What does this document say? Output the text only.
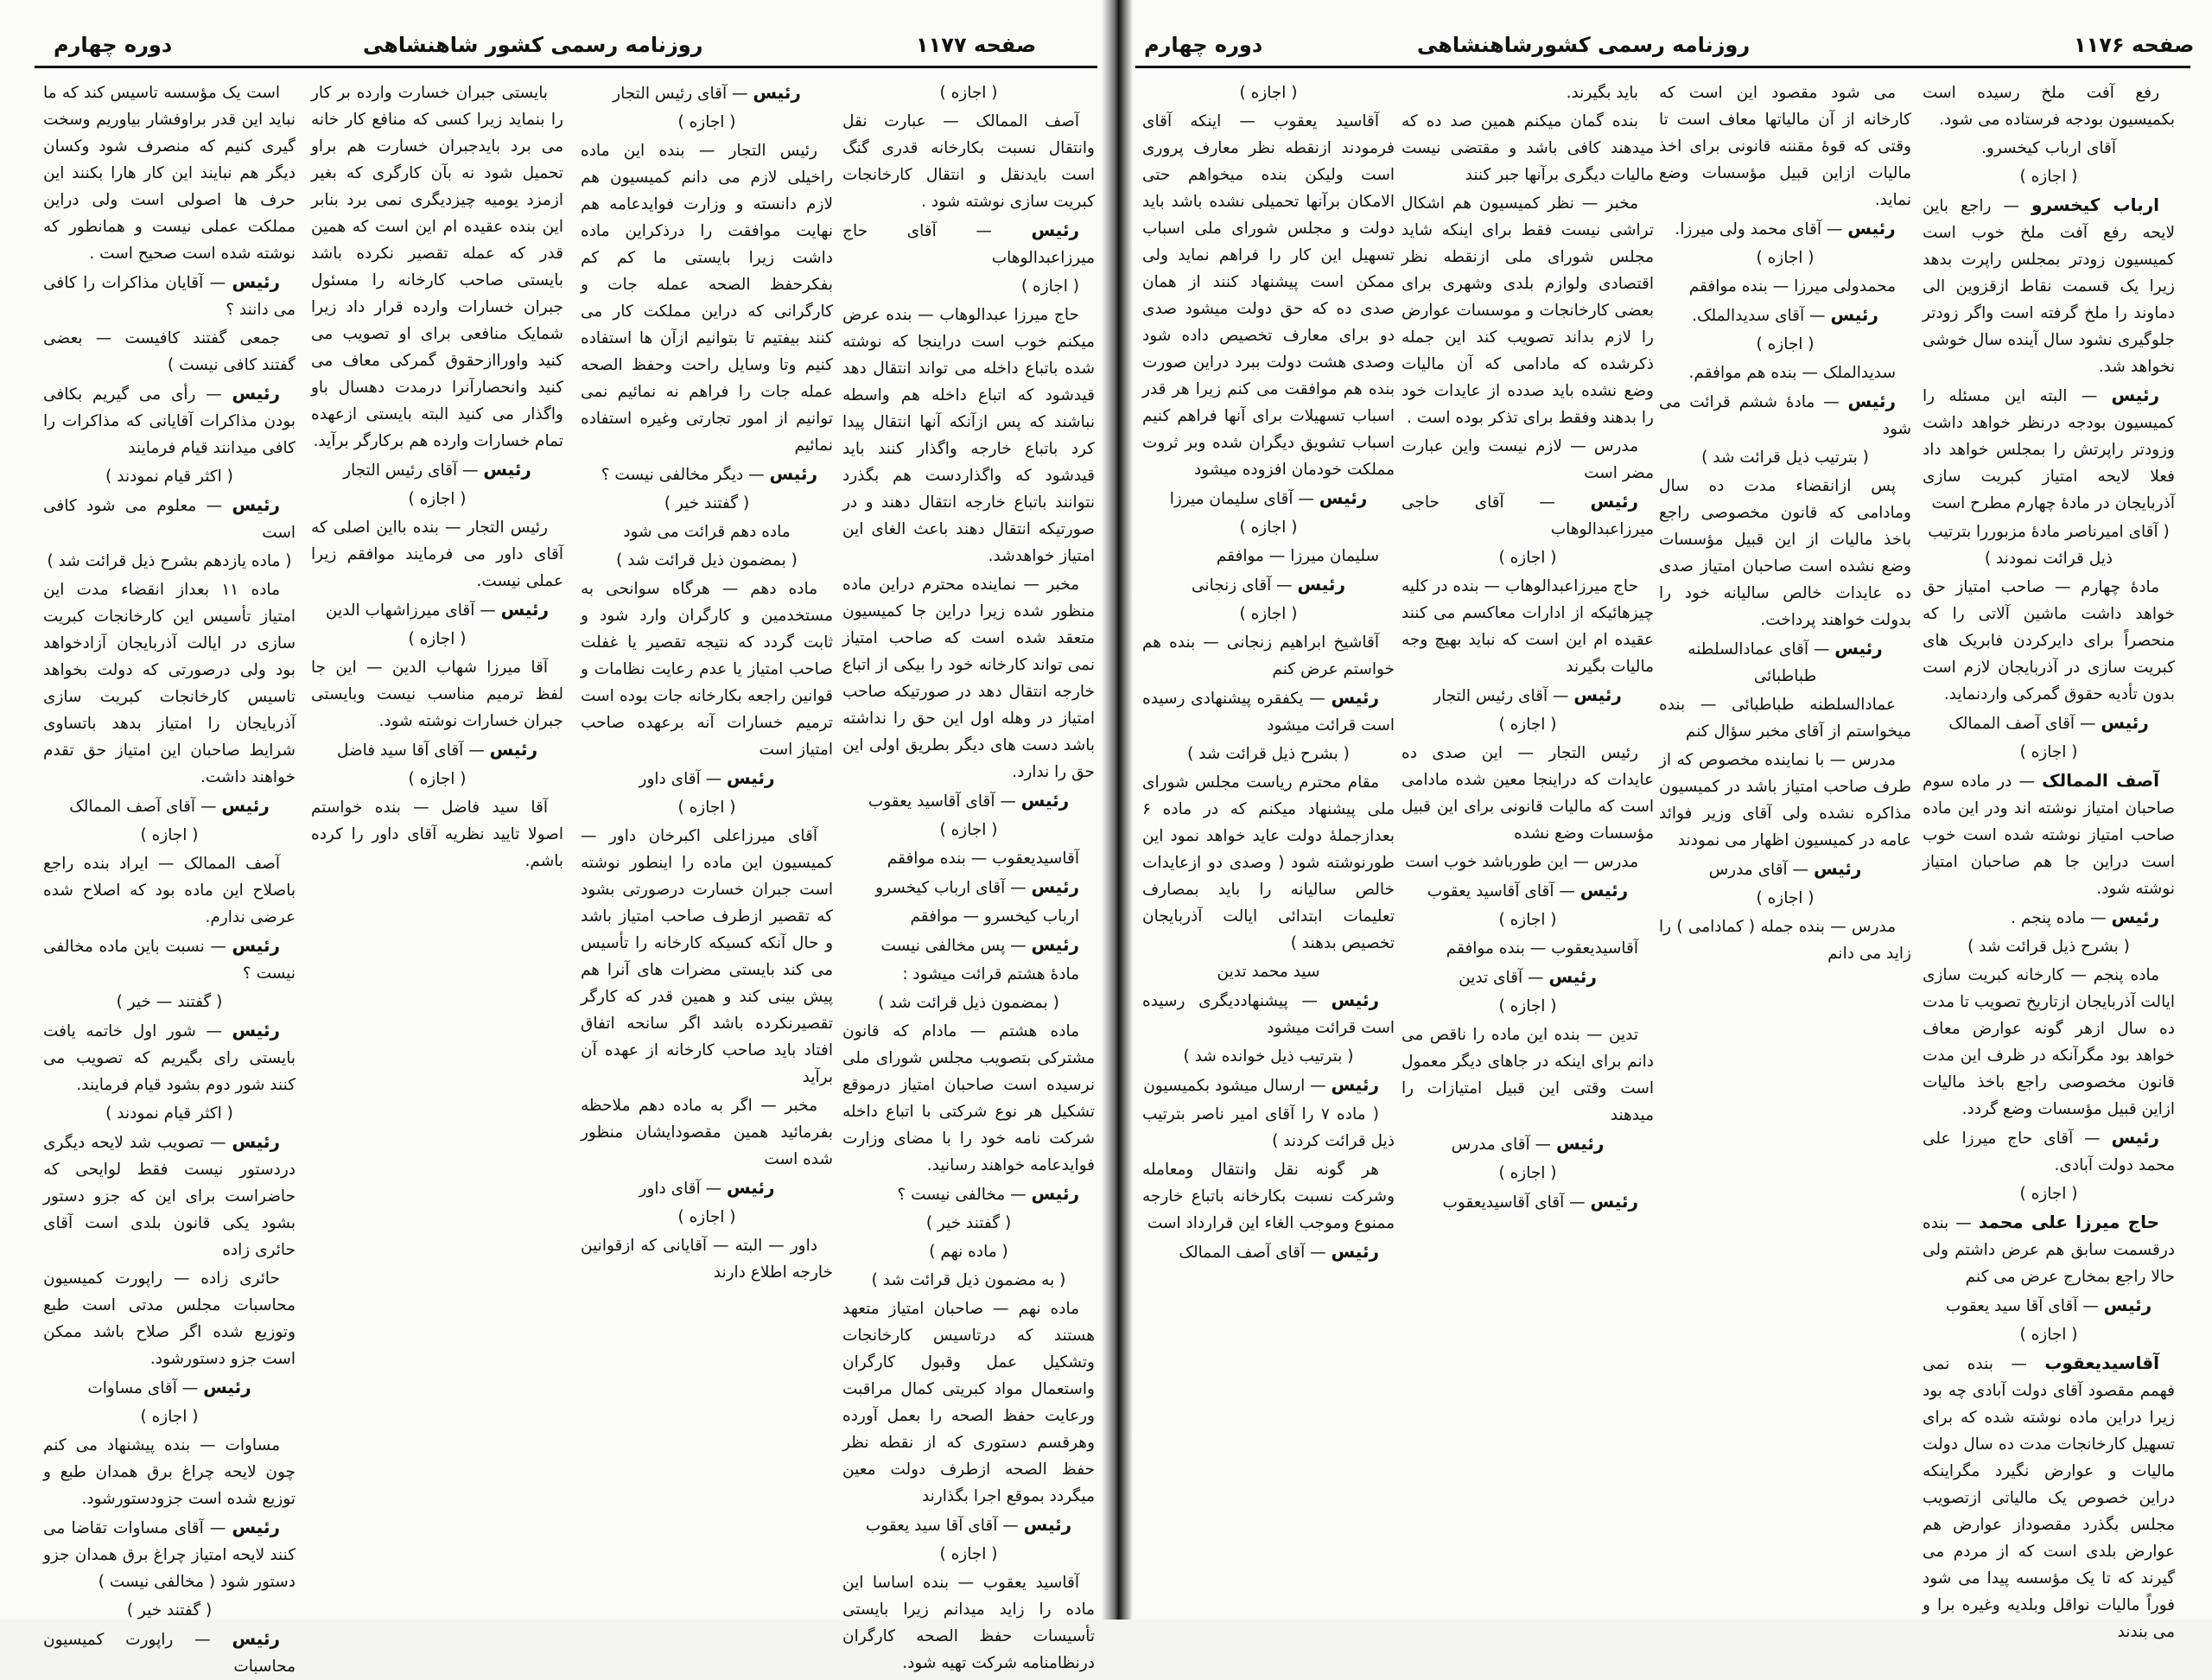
دوره چهارم	روزنامه رسمی کشور شاهنشاهی	صفحه ۱۱۷۷

است یک مؤسسه تاسیس کند که ما نباید این قدر براوفشار بیاوریم وسخت گیری کنیم که منصرف شود وکسان دیگر هم نبایند این کار هارا بکنند این حرف ها اصولی است ولی دراین مملکت عملی نیست و همانطور که نوشته شده است صحیح است .

رئیس — آقایان مذاکرات را کافی می دانند ؟

جمعی گفتند کافیست — بعضی گفتند کافی نیست )

رئیس — رأی می گیریم بکافی بودن مذاکرات آقایانی که مذاکرات را کافی میدانند قیام فرمایند

( اکثر قیام نمودند )

رئیس — معلوم می شود کافی است

( ماده یازدهم بشرح ذیل قرائت شد )

ماده ۱۱ بعداز انقضاء مدت این امتیاز تأسیس این کارخانجات کبریت سازی در ایالت آذربایجان آزادخواهد بود ولی درصورتی که دولت بخواهد تاسیس کارخانجات کبریت سازی آذربایجان را امتیاز بدهد باتساوی شرایط صاحبان این امتیاز حق تقدم خواهند داشت.

رئیس — آقای آصف الممالک

( اجازه )

آصف الممالک — ایراد بنده راجع باصلاح این ماده بود که اصلاح شده عرضی ندارم.

رئیس — نسبت باین ماده مخالفی نیست ؟

( گفتند — خیر )

رئیس — شور اول خاتمه یافت بایستی رای بگیریم که تصویب می کنند شور دوم بشود قیام فرمایند.

( اکثر قیام نمودند )

رئیس — تصویب شد لایحه دیگری دردستور نیست فقط لوایحی که حاضراست برای این که جزو دستور بشود یکی قانون بلدی است آقای حائری زاده

حائری زاده — راپورت کمیسیون محاسبات مجلس مدتی است طبع وتوزیع شده اگر صلاح باشد ممکن است جزو دستورشود.

رئیس — آقای مساوات

( اجازه )

مساوات — بنده پیشنهاد می کنم چون لایحه چراغ برق همدان طبع و توزیع شده است جزودستورشود.

رئیس — آقای مساوات تقاضا می کنند لایحه امتیاز چراغ برق همدان جزو دستور شود ( مخالفی نیست )

( گفتند خیر )

رئیس — راپورت کمیسیون محاسبات

بایستی جبران خسارت وارده بر کار را بنماید زیرا کسی که منافع کار خانه می برد بایدجبران خسارت هم براو تحمیل شود نه بآن کارگری که بغیر ازمزد یومیه چیزدیگری نمی برد بنابر این بنده عقیده ام این است که همین قدر که عمله تقصیر نکرده باشد بایستی صاحب کارخانه را مسئول جبران خسارات وارده قرار داد زیرا شمایک منافعی برای او تصویب می کنید واوراازحقوق گمرکی معاف می کنید وانحصارآنرا درمدت دهسال باو واگذار می کنید البته بایستی ازعهده تمام خسارات وارده هم برکارگر برآید.

رئیس — آقای رئیس التجار

( اجازه )

رئیس التجار — بنده بااین اصلی که آقای داور می فرمایند موافقم زیرا عملی نیست.

رئیس — آقای میرزاشهاب الدین

( اجازه )

آقا میرزا شهاب الدین — این جا لفظ ترمیم مناسب نیست وبایستی جبران خسارات نوشته شود.

رئیس — آقای آقا سید فاضل

( اجازه )

آقا سید فاضل — بنده خواستم اصولا تایید نظریه آقای داور را کرده باشم.

رئیس — آقای رئیس التجار

( اجازه )

رئیس التجار — بنده این ماده راخیلی لازم می دانم کمیسیون هم لازم دانسته و وزارت فوایدعامه هم نهایت موافقت را درذکراین ماده داشت زیرا بایستی ما کم کم بفکرحفظ الصحه عمله جات و کارگرانی که دراین مملکت کار می کنند بیفتیم تا بتوانیم ازآن ها استفاده کنیم وتا وسایل راحت وحفظ الصحه عمله جات را فراهم نه نمائیم نمی توانیم از امور تجارتی وغیره استفاده نمائیم

رئیس — دیگر مخالفی نیست ؟

( گفتند خیر )

ماده دهم قرائت می شود

( بمضمون ذیل قرائت شد )

ماده دهم — هرگاه سوانحی به مستخدمین و کارگران وارد شود و ثابت گردد که نتیجه تقصیر یا غفلت صاحب امتیاز یا عدم رعایت نظامات و قوانین راجعه بکارخانه جات بوده است ترمیم خسارات آنه برعهده صاحب امتیاز است

رئیس — آقای داور

( اجازه )

آقای میرزاعلی اکبرخان داور — کمیسیون این ماده را اینطور نوشته است جبران خسارت درصورتی بشود که تقصیر ازطرف صاحب امتیاز باشد و حال آنکه کسیکه کارخانه را تأسیس می کند بایستی مضرات های آنرا هم پیش بینی کند و همین قدر که کارگر تقصیرنکرده باشد اگر سانحه اتفاق افتاد باید صاحب کارخانه از عهده آن برآید

مخبر — اگر به ماده دهم ملاحظه بفرمائید همین مقصودایشان منظور شده است

رئیس — آقای داور

( اجازه )

داور — البته — آقایانی که ازقوانین خارجه اطلاع دارند

( اجازه )

آصف الممالک — عبارت نقل وانتقال نسبت بکارخانه قدری گنگ است بایدنقل و انتقال کارخانجات کبریت سازی نوشته شود .

رئیس — آقای حاج میرزاعبدالوهاب

( اجازه )

حاج میرزا عبدالوهاب — بنده عرض میکنم خوب است دراینجا که نوشته شده باتباع داخله می تواند انتقال دهد قیدشود که اتباع داخله هم واسطه نباشند که پس ازآنکه آنها انتقال پیدا کرد باتباع خارجه واگذار کنند باید قیدشود که واگذاردست هم بگذرد نتوانند باتباع خارجه انتقال دهند و در صورتیکه انتقال دهند باعث الغای این امتیاز خواهدشد.

مخبر — نماینده محترم دراین ماده منظور شده زیرا دراین جا کمیسیون متعقد شده است که صاحب امتیاز نمی تواند کارخانه خود را بیکی از اتباع خارجه انتقال دهد در صورتیکه صاحب امتیاز در وهله اول این حق را نداشته باشد دست های دیگر بطریق اولی این حق را ندارد.

رئیس — آقای آقاسید یعقوب

( اجازه )

آقاسیدیعقوب — بنده موافقم

رئیس — آقای ارباب کیخسرو

ارباب کیخسرو — موافقم

رئیس — پس مخالفی نیست

مادهٔ هشتم قرائت میشود :

( بمضمون ذیل قرائت شد )

ماده هشتم — مادام که قانون مشترکی بتصویب مجلس شورای ملی نرسیده است صاحبان امتیاز درموقع تشکیل هر نوع شرکتی با اتباع داخله شرکت نامه خود را با مضای وزارت فوایدعامه خواهند رسانید.

رئیس — مخالفی نیست ؟

( گفتند خیر )

( ماده نهم )

( به مضمون ذیل قرائت شد )

ماده نهم — صاحبان امتیاز متعهد هستند که درتاسیس کارخانجات وتشکیل عمل وقبول کارگران واستعمال مواد کبریتی کمال مراقبت ورعایت حفظ الصحه را بعمل آورده وهرقسم دستوری که از نقطه نظر حفظ الصحه ازطرف دولت معین میگردد بموقع اجرا بگذارند

رئیس — آقای آقا سید یعقوب

( اجازه )

آقاسید یعقوب — بنده اساسا این ماده را زاید میدانم زیرا بایستی تأسیسات حفظ الصحه کارگران درنظامنامه شرکت تهیه شود.

دوره چهارم	روزنامه رسمی کشورشاهنشاهی	صفحه ۱۱۷۶

( اجازه )

آقاسید یعقوب — اینکه آقای فرمودند ازنقطه نظر معارف پروری است ولیکن بنده میخواهم حتی الامکان برآنها تحمیلی نشده باشد باید دولت و مجلس شورای ملی اسباب تسهیل این کار را فراهم نماید ولی ممکن است پیشنهاد کنند از همان صدی ده که حق دولت میشود صدی دو برای معارف تخصیص داده شود وصدی هشت دولت ببرد دراین صورت بنده هم موافقت می کنم زیرا هر قدر اسباب تسهیلات برای آنها فراهم کنیم اسباب تشویق دیگران شده وبر ثروت مملکت خودمان افزوده میشود

رئیس — آقای سلیمان میرزا

( اجازه )

سلیمان میرزا — موافقم

رئیس — آقای زنجانی

( اجازه )

آقاشیخ ابراهیم زنجانی — بنده هم خواستم عرض کنم

رئیس — یکفقره پیشنهادی رسیده است قرائت میشود

( بشرح ذیل قرائت شد )

مقام محترم ریاست مجلس شورای ملی پیشنهاد میکنم که در ماده ۶ بعدازجملهٔ دولت عاید خواهد نمود این طورنوشته شود ( وصدی دو ازعایدات خالص سالیانه را باید بمصارف تعلیمات ابتدائی ایالت آذربایجان تخصیص بدهند )

سید محمد تدین

رئیس — پیشنهاددیگری رسیده است قرائت میشود

( بترتیب ذیل خوانده شد )

رئیس — ارسال میشود بکمیسیون

( ماده ۷ را آقای امیر ناصر بترتیب ذیل قرائت کردند )

هر گونه نقل وانتقال ومعامله وشرکت نسبت بکارخانه باتباع خارجه ممنوع وموجب الغاء این قرارداد است

رئیس — آقای آصف الممالک

باید بگیرند.

بنده گمان میکنم همین صد ده که میدهند کافی باشد و مقتضی نیست مالیات دیگری برآنها جبر کنند

مخبر — نظر کمیسیون هم اشکال تراشی نیست فقط برای اینکه شاید مجلس شورای ملی ازنقطه نظر اقتصادی ولوازم بلدی وشهری برای بعضی کارخانجات و موسسات عوارض را لازم بداند تصویب کند این جمله ذکرشده که مادامی که آن مالیات وضع نشده باید صدده از عایدات خود را بدهند وفقط برای تذکر بوده است .

مدرس — لازم نیست واین عبارت مضر است

رئیس — آقای حاجی میرزاعبدالوهاب

( اجازه )

حاج میرزاعبدالوهاب — بنده در کلیه چیزهائیکه از ادارات معاکسم می کنند عقیده ام این است که نباید بهیچ وجه مالیات بگیرند

رئیس — آقای رئیس التجار

( اجازه )

رئیس التجار — این صدی ده عایدات که دراینجا معین شده مادامی است که مالیات قانونی برای این قبیل مؤسسات وضع نشده

مدرس — این طورباشد خوب است

رئیس — آقای آقاسید یعقوب

( اجازه )

آقاسیدیعقوب — بنده موافقم

رئیس — آقای تدین

( اجازه )

تدین — بنده این ماده را ناقص می دانم برای اینکه در جاهای دیگر معمول است وقتی این قبیل امتیازات را میدهند

رئیس — آقای مدرس

( اجازه )

رئیس — آقای آقاسیدیعقوب

می شود مقصود این است که کارخانه از آن مالیاتها معاف است تا وقتی که قوهٔ مقننه قانونی برای اخذ مالیات ازاین قبیل مؤسسات وضع نماید.

رئیس — آقای محمد ولی میرزا.

( اجازه )

محمدولی میرزا — بنده موافقم

رئیس — آقای سدیدالملک.

( اجازه )

سدیدالملک — بنده هم موافقم.

رئیس — مادهٔ ششم قرائت می شود

( بترتیب ذیل قرائت شد )

پس ازانقضاء مدت ده سال ومادامی که قانون مخصوصی راجع باخذ مالیات از این قبیل مؤسسات وضع نشده است صاحبان امتیاز صدی ده عایدات خالص سالیانه خود را بدولت خواهند پرداخت.

رئیس — آقای عمادالسلطنه طباطبائی

عمادالسلطنه طباطبائی — بنده میخواستم از آقای مخبر سؤال کنم

مدرس — با نماینده مخصوص که از طرف صاحب امتیاز باشد در کمیسیون مذاکره نشده ولی آقای وزیر فوائد عامه در کمیسیون اظهار می نمودند

رئیس — آقای مدرس

( اجازه )

مدرس — بنده جمله ( کمادامی ) را زاید می دانم

رفع آفت ملخ رسیده است بکمیسیون بودجه فرستاده می شود.

آقای ارباب کیخسرو.

( اجازه )

ارباب کیخسرو — راجع باین لایحه رفع آفت ملخ خوب است کمیسیون زودتر بمجلس راپرت بدهد زیرا یک قسمت نقاط ازقزوین الی دماوند را ملخ گرفته است واگر زودتر جلوگیری نشود سال آینده سال خوشی نخواهد شد.

رئیس — البته این مسئله را کمیسیون بودجه درنظر خواهد داشت وزودتر راپرتش را بمجلس خواهد داد فعلا لایحه امتیاز کبریت سازی آذربایجان در مادهٔ چهارم مطرح است

( آقای امیرناصر مادهٔ مزبوررا بترتیب ذیل قرائت نمودند )

مادهٔ چهارم — صاحب امتیاز حق خواهد داشت ماشین آلاتی را که منحصراً برای دایرکردن فابریک های کبریت سازی در آذربایجان لازم است بدون تأدیه حقوق گمرکی واردنماید.

رئیس — آقای آصف الممالک

( اجازه )

آصف الممالک — در ماده سوم صاحبان امتیاز نوشته اند ودر این ماده صاحب امتیاز نوشته شده است خوب است دراین جا هم صاحبان امتیاز نوشته شود.

رئیس — ماده پنجم .

( بشرح ذیل قرائت شد )

ماده پنجم — کارخانه کبریت سازی ایالت آذربایجان ازتاریخ تصویب تا مدت ده سال ازهر گونه عوارض معاف خواهد بود مگرآنکه در ظرف این مدت قانون مخصوصی راجع باخذ مالیات ازاین قبیل مؤسسات وضع گردد.

رئیس — آقای حاج میرزا علی محمد دولت آبادی.

( اجازه )

حاج میرزا علی محمد — بنده درقسمت سابق هم عرض داشتم ولی حالا راجع بمخارج عرض می کنم

رئیس — آقای آقا سید یعقوب

( اجازه )

آقاسیدیعقوب — بنده نمی فهمم مقصود آقای دولت آبادی چه بود زیرا دراین ماده نوشته شده که برای تسهیل کارخانجات مدت ده سال دولت مالیات و عوارض نگیرد مگراینکه دراین خصوص یک مالیاتی ازتصویب مجلس بگذرد مقصوداز عوارض هم عوارض بلدی است که از مردم می گیرند که تا یک مؤسسه پیدا می شود فوراً مالیات نواقل وبلدیه وغیره برا و می بندند
